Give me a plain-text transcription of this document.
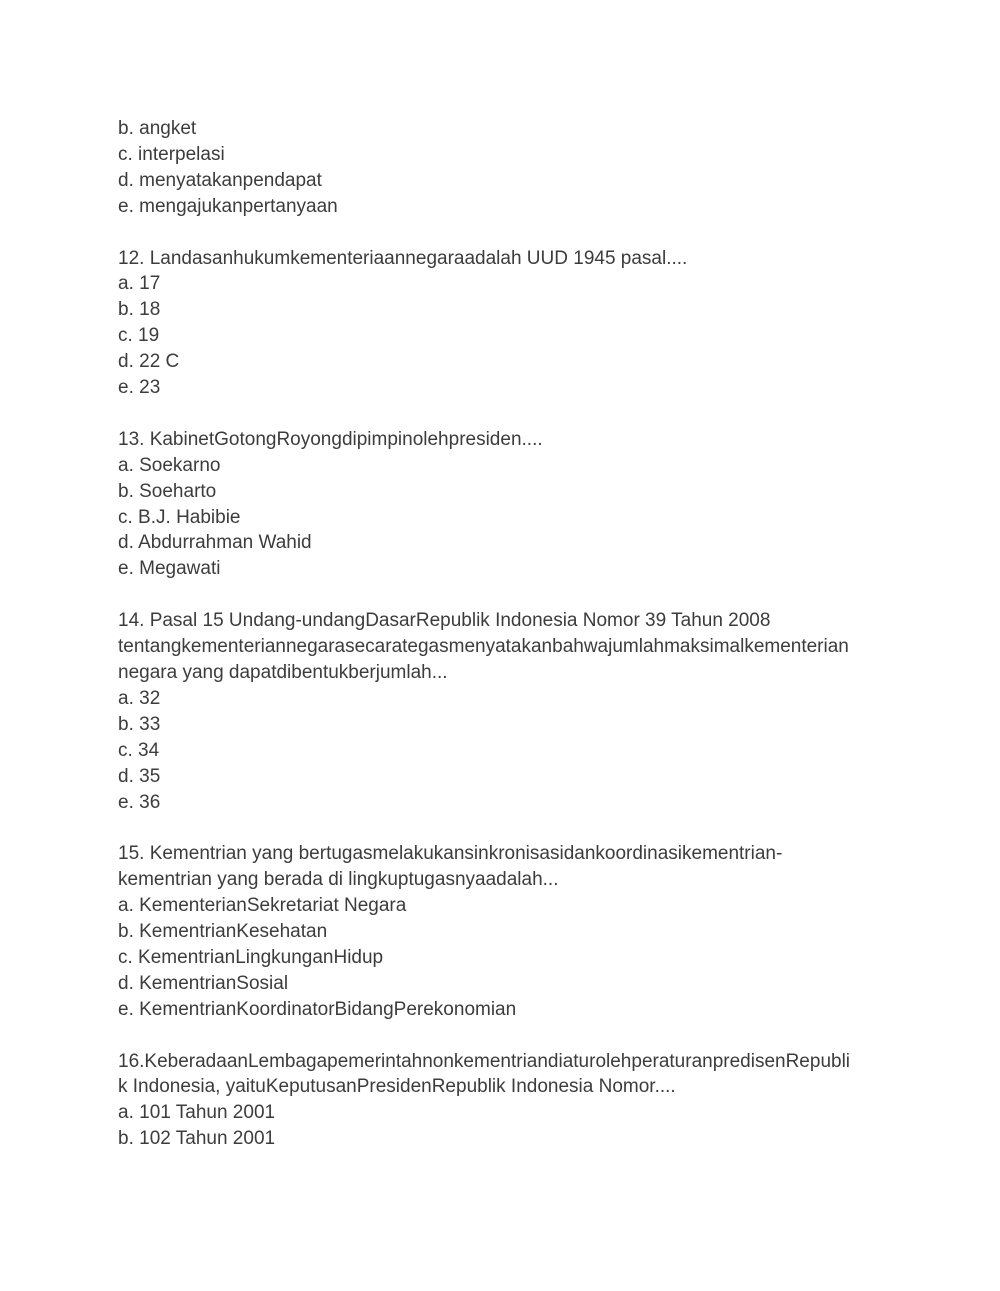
b. angket

c. interpelasi

d. menyatakanpendapat

e. mengajukanpertanyaan

12. Landasanhukumkementeriaannegaraadalah UUD 1945 pasal....

a. 17

b. 18

c. 19

d. 22 C

e. 23

13. KabinetGotongRoyongdipimpinolehpresiden....

a. Soekarno

b. Soeharto

c. B.J. Habibie

d. Abdurrahman Wahid

e. Megawati

14. Pasal 15 Undang-undangDasarRepublik Indonesia Nomor 39 Tahun 2008

tentangkementeriannegarasecarategasmenyatakanbahwajumlahmaksimalkementerian

negara yang dapatdibentukberjumlah...

a. 32

b. 33

c. 34

d. 35

e. 36

15. Kementrian yang bertugasmelakukansinkronisasidankoordinasikementrian-

kementrian yang berada di lingkuptugasnyaadalah...

a. KementerianSekretariat Negara

b. KementrianKesehatan

c. KementrianLingkunganHidup

d. KementrianSosial

e. KementrianKoordinatorBidangPerekonomian

16.KeberadaanLembagapemerintahnonkementriandiaturolehperaturanpredisenRepubli

k Indonesia, yaituKeputusanPresidenRepublik Indonesia Nomor....

a. 101 Tahun 2001

b. 102 Tahun 2001
